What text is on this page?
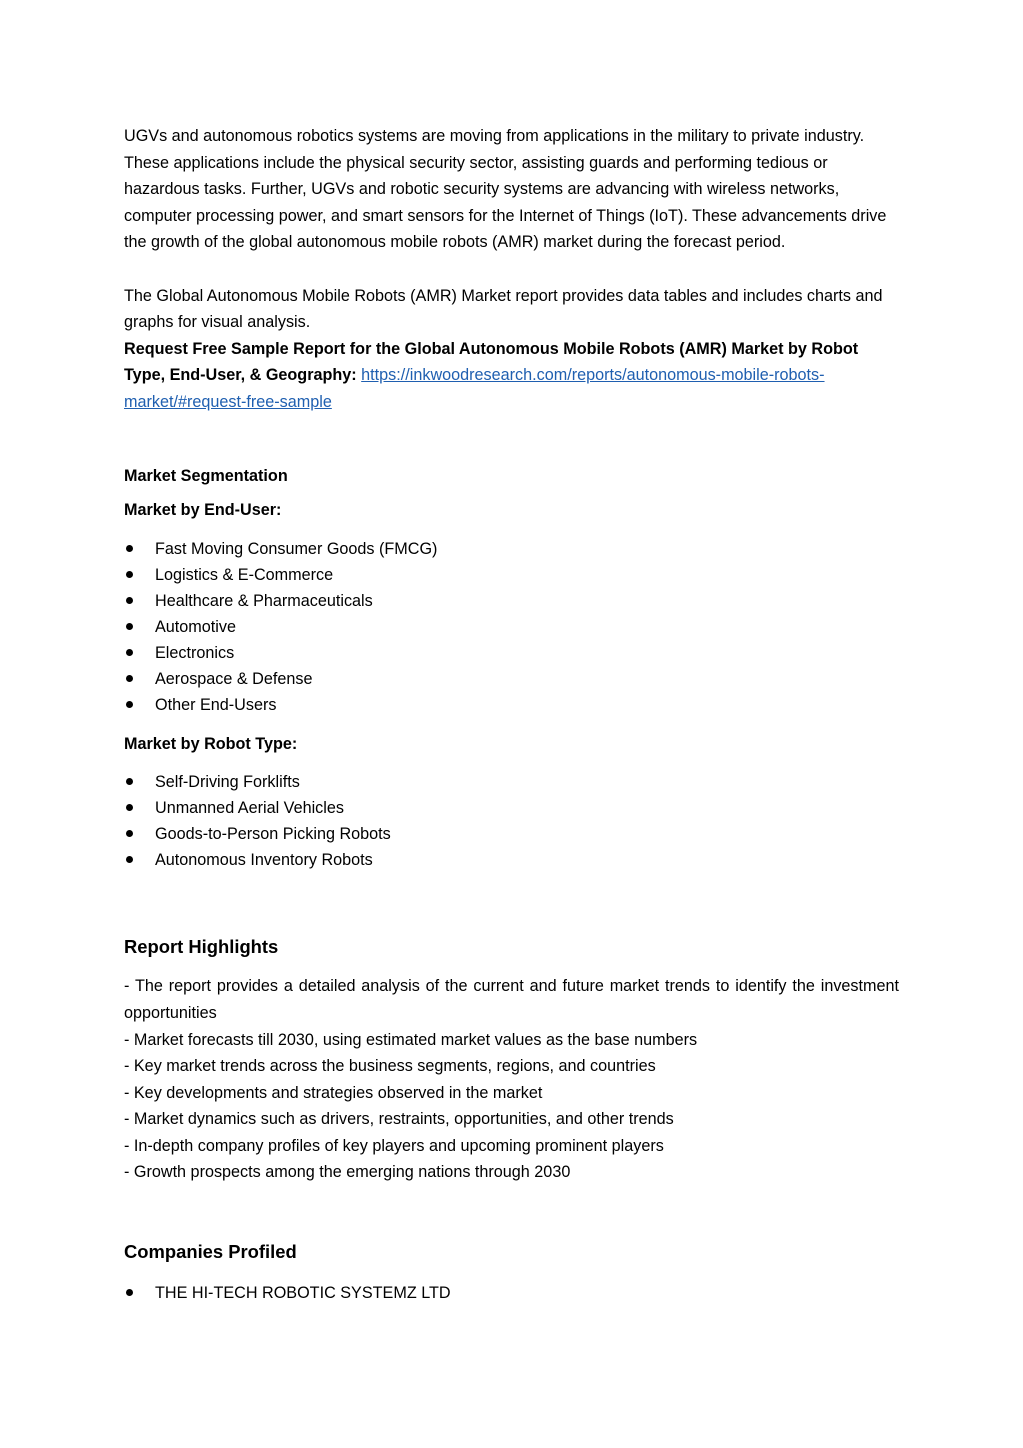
UGVs and autonomous robotics systems are moving from applications in the military to private industry. These applications include the physical security sector, assisting guards and performing tedious or hazardous tasks. Further, UGVs and robotic security systems are advancing with wireless networks, computer processing power, and smart sensors for the Internet of Things (IoT). These advancements drive the growth of the global autonomous mobile robots (AMR) market during the forecast period.

The Global Autonomous Mobile Robots (AMR) Market report provides data tables and includes charts and graphs for visual analysis.

Request Free Sample Report for the Global Autonomous Mobile Robots (AMR) Market by Robot Type, End-User, & Geography: https://inkwoodresearch.com/reports/autonomous-mobile-robots-market/#request-free-sample

Market Segmentation

Market by End-User:

Fast Moving Consumer Goods (FMCG)
Logistics & E-Commerce
Healthcare & Pharmaceuticals
Automotive
Electronics
Aerospace & Defense
Other End-Users

Market by Robot Type:

Self-Driving Forklifts
Unmanned Aerial Vehicles
Goods-to-Person Picking Robots
Autonomous Inventory Robots

Report Highlights

- The report provides a detailed analysis of the current and future market trends to identify the investment opportunities

- Market forecasts till 2030, using estimated market values as the base numbers

- Key market trends across the business segments, regions, and countries

- Key developments and strategies observed in the market

- Market dynamics such as drivers, restraints, opportunities, and other trends

- In-depth company profiles of key players and upcoming prominent players

- Growth prospects among the emerging nations through 2030

Companies Profiled

THE HI-TECH ROBOTIC SYSTEMZ LTD
